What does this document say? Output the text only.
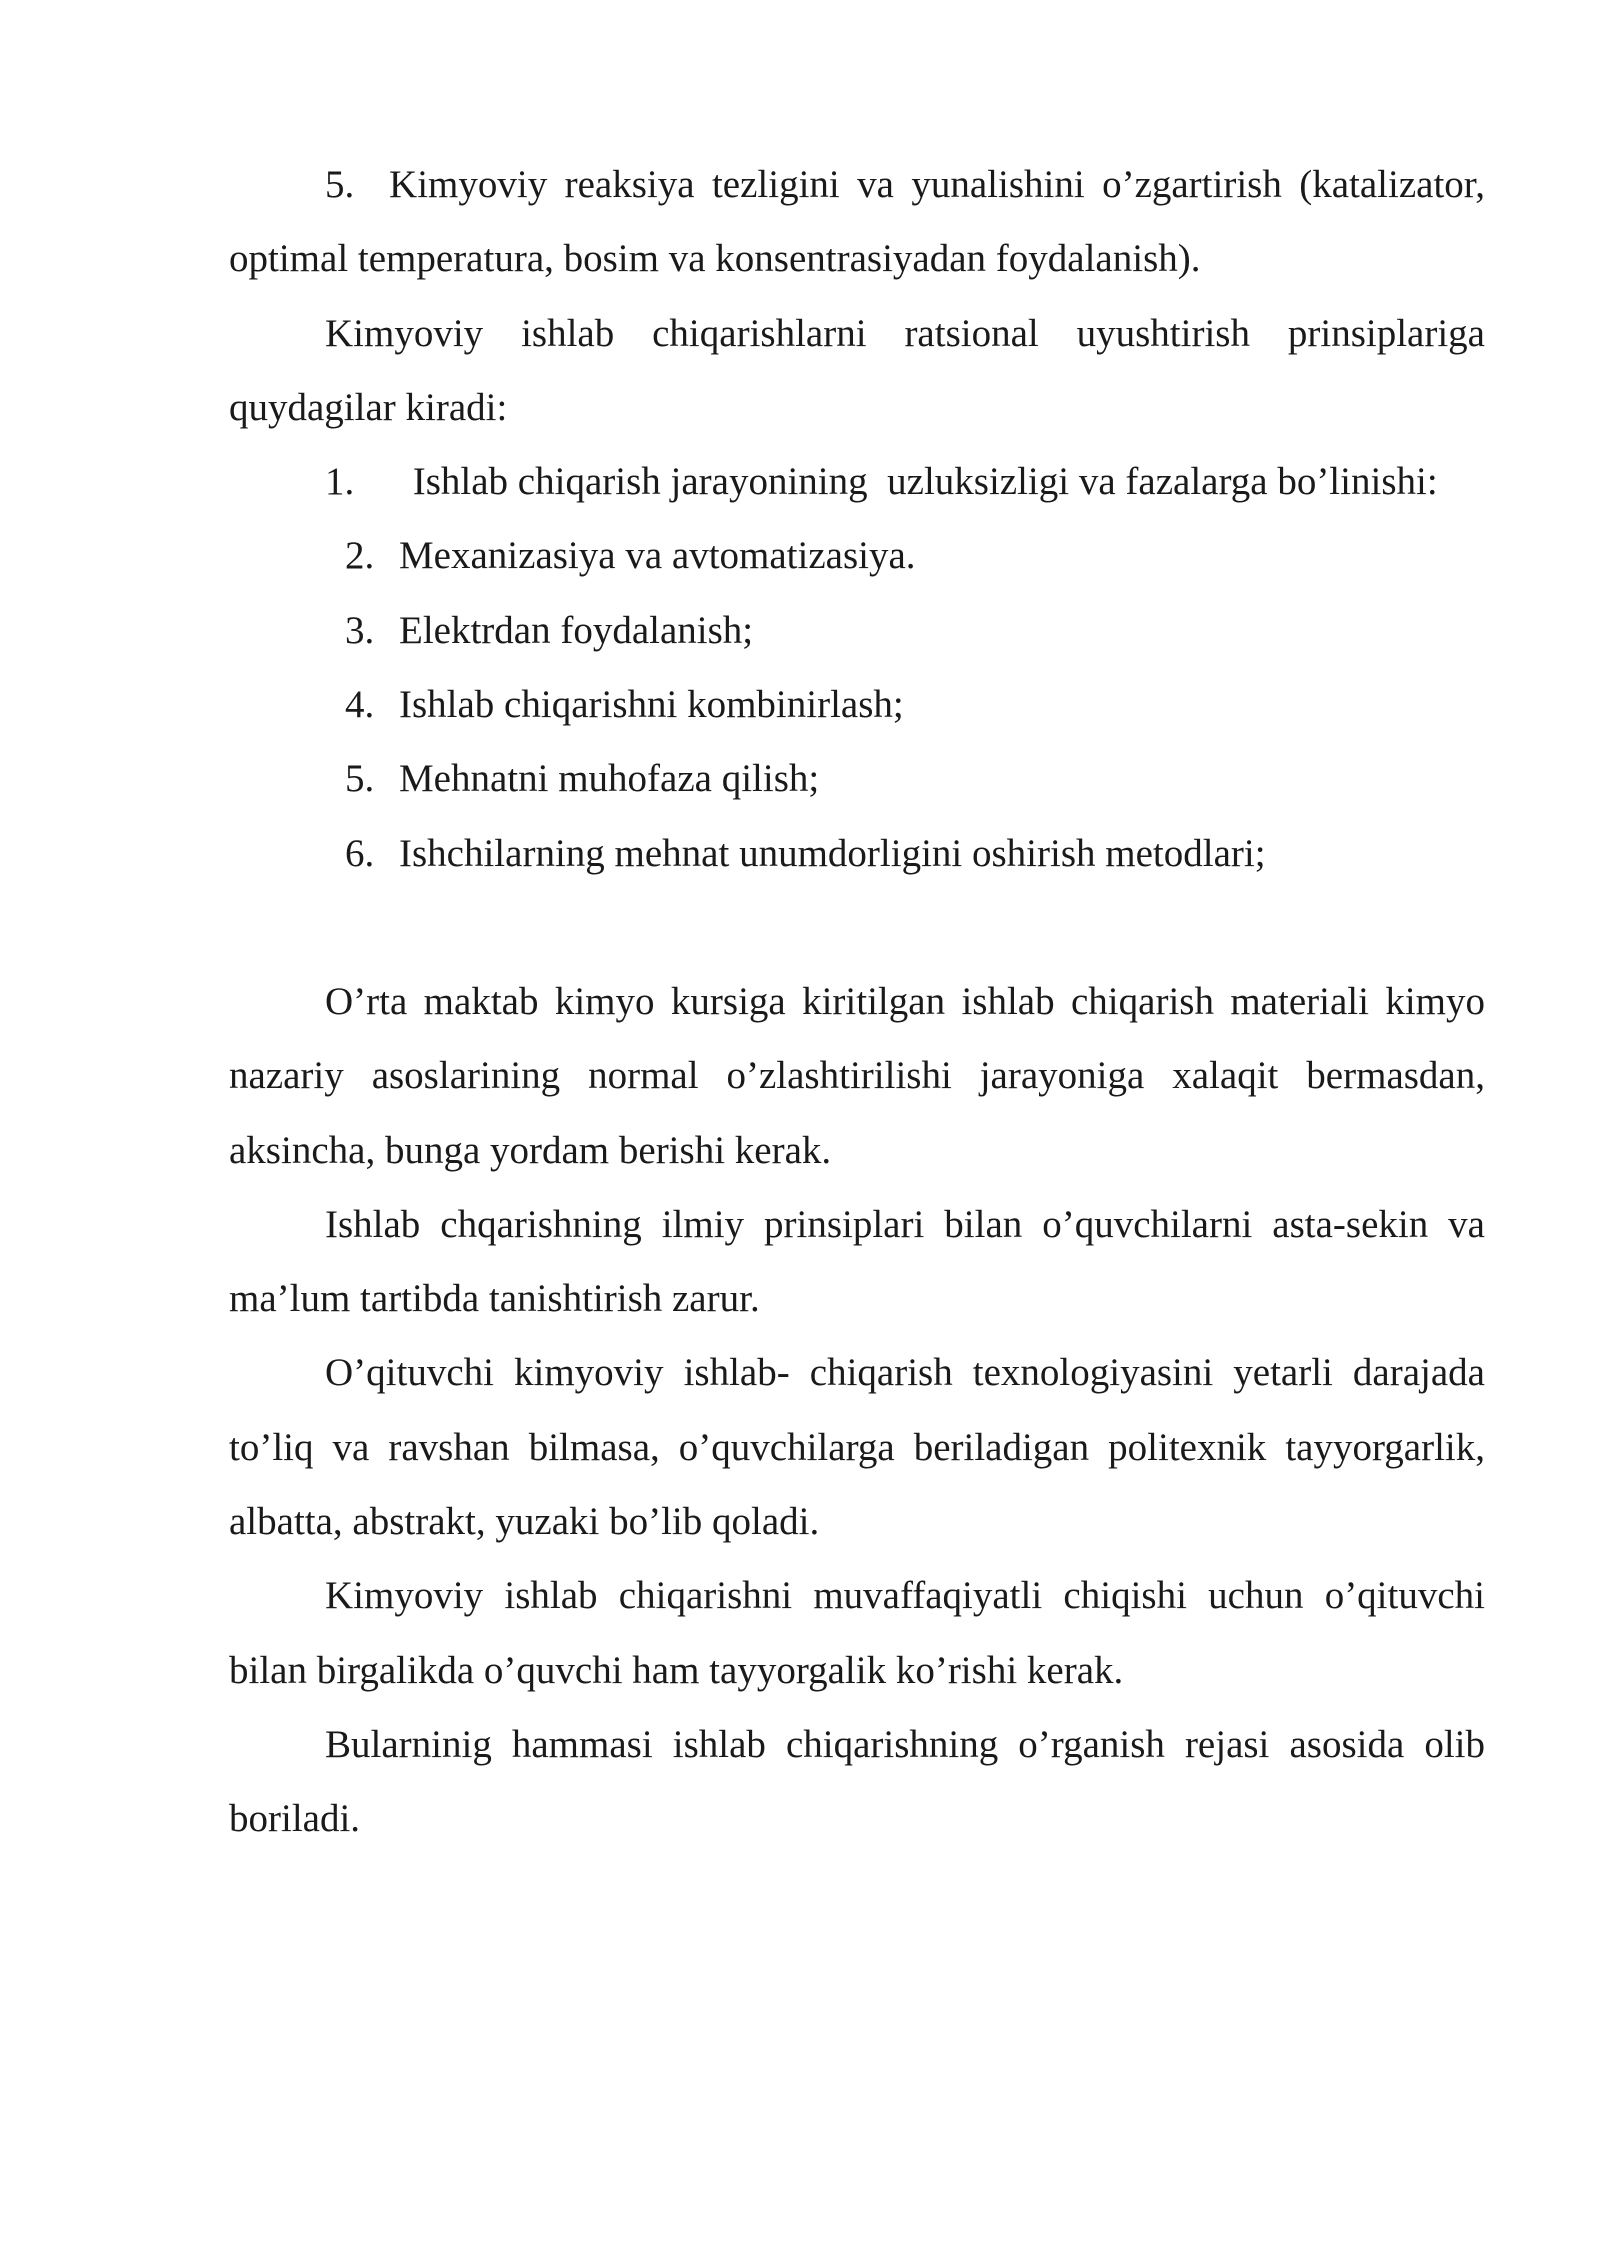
5.  Kimyoviy reaksiya tezligini va yunalishini o’zgartirish (katalizator, optimal temperatura, bosim va konsentrasiyadan foydalanish).

Kimyoviy ishlab chiqarishlarni ratsional uyushtirish prinsiplariga quydagilar kiradi:

1.      Ishlab chiqarish jarayonining  uzluksizligi va fazalarga bo’linishi:

2. Mexanizasiya va avtomatizasiya.
3. Elektrdan foydalanish;
4. Ishlab chiqarishni kombinirlash;
5. Mehnatni muhofaza qilish;
6. Ishchilarning mehnat unumdorligini oshirish metodlari;

O’rta maktab kimyo kursiga kiritilgan ishlab chiqarish materiali kimyo nazariy asoslarining normal o’zlashtirilishi jarayoniga xalaqit bermasdan, aksincha, bunga yordam berishi kerak.

Ishlab chqarishning ilmiy prinsiplari bilan o’quvchilarni asta-sekin va ma’lum tartibda tanishtirish zarur.

O’qituvchi kimyoviy ishlab- chiqarish texnologiyasini yetarli darajada to’liq va ravshan bilmasa, o’quvchilarga beriladigan politexnik tayyorgarlik, albatta, abstrakt, yuzaki bo’lib qoladi.

Kimyoviy ishlab chiqarishni muvaffaqiyatli chiqishi uchun o’qituvchi bilan birgalikda o’quvchi ham tayyorgalik ko’rishi kerak.

Bularninig hammasi ishlab chiqarishning o’rganish rejasi asosida olib boriladi.
